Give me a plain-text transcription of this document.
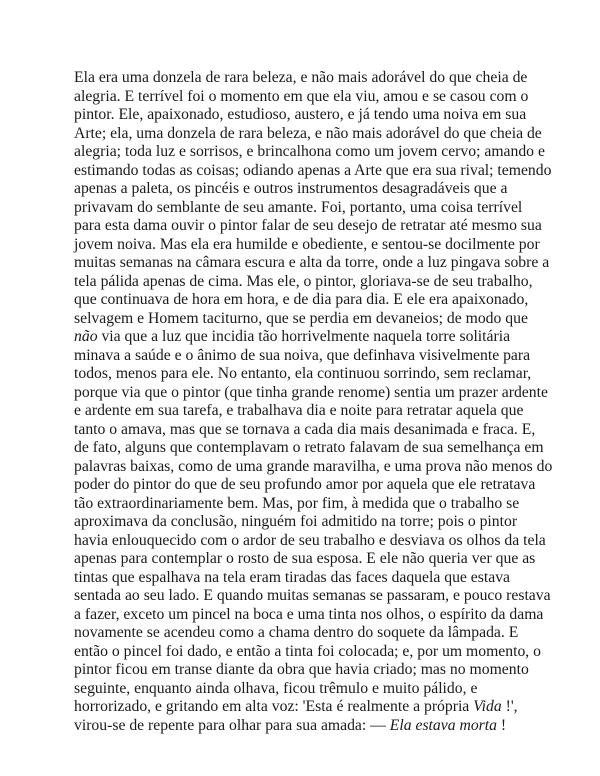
Ela era uma donzela de rara beleza, e não mais adorável do que cheia de
alegria. E terrível foi o momento em que ela viu, amou e se casou com o
pintor. Ele, apaixonado, estudioso, austero, e já tendo uma noiva em sua
Arte; ela, uma donzela de rara beleza, e não mais adorável do que cheia de
alegria; toda luz e sorrisos, e brincalhona como um jovem cervo; amando e
estimando todas as coisas; odiando apenas a Arte que era sua rival; temendo
apenas a paleta, os pincéis e outros instrumentos desagradáveis que a
privavam do semblante de seu amante. Foi, portanto, uma coisa terrível
para esta dama ouvir o pintor falar de seu desejo de retratar até mesmo sua
jovem noiva. Mas ela era humilde e obediente, e sentou-se docilmente por
muitas semanas na câmara escura e alta da torre, onde a luz pingava sobre a
tela pálida apenas de cima. Mas ele, o pintor, gloriava-se de seu trabalho,
que continuava de hora em hora, e de dia para dia. E ele era apaixonado,
selvagem e Homem taciturno, que se perdia em devaneios; de modo que
não via que a luz que incidia tão horrivelmente naquela torre solitária
minava a saúde e o ânimo de sua noiva, que definhava visivelmente para
todos, menos para ele. No entanto, ela continuou sorrindo, sem reclamar,
porque via que o pintor (que tinha grande renome) sentia um prazer ardente
e ardente em sua tarefa, e trabalhava dia e noite para retratar aquela que
tanto o amava, mas que se tornava a cada dia mais desanimada e fraca. E,
de fato, alguns que contemplavam o retrato falavam de sua semelhança em
palavras baixas, como de uma grande maravilha, e uma prova não menos do
poder do pintor do que de seu profundo amor por aquela que ele retratava
tão extraordinariamente bem. Mas, por fim, à medida que o trabalho se
aproximava da conclusão, ninguém foi admitido na torre; pois o pintor
havia enlouquecido com o ardor de seu trabalho e desviava os olhos da tela
apenas para contemplar o rosto de sua esposa. E ele não queria ver que as
tintas que espalhava na tela eram tiradas das faces daquela que estava
sentada ao seu lado. E quando muitas semanas se passaram, e pouco restava
a fazer, exceto um pincel na boca e uma tinta nos olhos, o espírito da dama
novamente se acendeu como a chama dentro do soquete da lâmpada. E
então o pincel foi dado, e então a tinta foi colocada; e, por um momento, o
pintor ficou em transe diante da obra que havia criado; mas no momento
seguinte, enquanto ainda olhava, ficou trêmulo e muito pálido, e
horrorizado, e gritando em alta voz: 'Esta é realmente a própria Vida !',
virou-se de repente para olhar para sua amada: — Ela estava morta !
